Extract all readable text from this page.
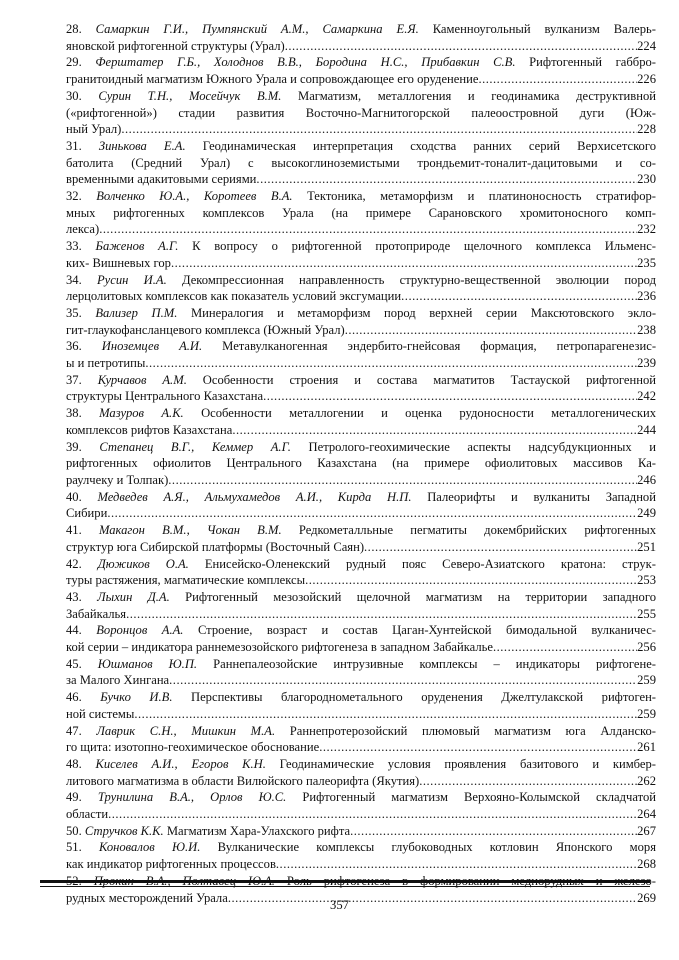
28. Самаркин Г.И., Пумпянский А.М., Самаркина Е.Я. Каменноугольный вулканизм Валерь-
яновской рифтогенной структуры (Урал) .....	224
29. Ферштатер Г.Б., Холоднов В.В., Бородина Н.С., Прибавкин С.В. Рифтогенный габбро-
гранитоидный магматизм Южного Урала и сопровождающее его оруденение .....	226
30. Сурин Т.Н., Мосейчук В.М. Магматизм, металлогения и геодинамика деструктивной
(«рифтогенной») стадии развития Восточно-Магнитогорской палеоостровной дуги (Юж-
ный Урал) .....	228
31. Зинькова Е.А. Геодинамическая интерпретация сходства ранних серий Верхисетского
батолита (Средний Урал) с высокоглиноземистыми трондьемит-тоналит-дацитовыми и со-
временными адакитовыми сериями .....	230
32. Волченко Ю.А., Коротеев В.А. Тектоника, метаморфизм и платиноносность стратифор-
мных рифтогенных комплексов Урала (на примере Сарановского хромитоносного комп-
лекса) .....	232
33. Баженов А.Г. К вопросу о рифтогенной протоприроде щелочного комплекса Ильменс-
ких- Вишневых гор .....	235
34. Русин И.А. Декомпрессионная направленность структурно-вещественной эволюции пород
лерцолитовых комплексов как показатель условий эксгумации .....	236
35. Вализер П.М. Минералогия и метаморфизм пород верхней серии Максютовского эклo-
гит-глаукофансланцевого комплекса (Южный Урал) .....	238
36. Иноземцев А.И. Метавулканогенная эндербито-гнейсовая формация, петропарагенезис-
ы и петротипы .....	239
37. Курчавов А.М. Особенности строения и состава магматитов Тастауской рифтогенной
структуры Центрального Казахстана .....	242
38. Мазуров А.К. Особенности металлогении и оценка рудоносности металлогенических
комплексов рифтов Казахстана .....	244
39. Степанец В.Г., Кеммер А.Г. Петролого-геохимические аспекты надсубдукционных и
рифтогенных офиолитов Центрального Казахстана (на примере офиолитовых массивов Ка-
раулчеку и Толпак) .....	246
40. Медведев А.Я., Альмухамедов А.И., Кирда Н.П. Палеорифты и вулканиты Западной
Сибири .....	249
41. Макагон В.М., Чокан В.М. Редкометалльные пегматиты докембрийских рифтогенных
структур юга Сибирской платформы (Восточный Саян) .....	251
42. Дюжиков О.А. Енисейско-Оленекский рудный пояс Северо-Азиатского кратона: струк-
туры растяжения, магматические комплексы .....	253
43. Лыхин Д.А. Рифтогенный мезозойский щелочной магматизм на территории западного
Забайкалья .....	255
44. Воронцов А.А. Строение, возраст и состав Цаган-Хунтейской бимодальной вулканичес-
кой серии – индикатора раннемезозойского рифтогенеза в западном Забайкалье .....	256
45. Юшманов Ю.П. Раннепалеозойские интрузивные комплексы – индикаторы рифтогене-
за Малого Хингана .....	259
46. Бучко И.В. Перспективы благороднометального оруденения Джелтулакской рифтоген-
ной системы .....	259
47. Лаврик С.Н., Мишкин М.А. Раннепротерозойский плюмовый магматизм юга Алданско-
го щита: изотопно-геохимическое обоснование .....	261
48. Киселев А.И., Егоров К.Н. Геодинамические условия проявления базитового и кимбер-
литового магматизма в области Вилюйского палеорифта (Якутия) .....	262
49. Трунилина В.А., Орлов Ю.С. Рифтогенный магматизм Верхояно-Колымской складчатой
области .....	264
50. Стручков К.К. Магматизм Хара-Улахского рифта .....	267
51. Коновалов Ю.И. Вулканические комплексы глубоководных котловин Японского моря
как индикатор рифтогенных процессов .....	268
52. Прокин В.А., Полтавец Ю.А. Роль рифтогенеза в формировании меднорудных и железо-
рудных месторождений Урала .....	269
357
